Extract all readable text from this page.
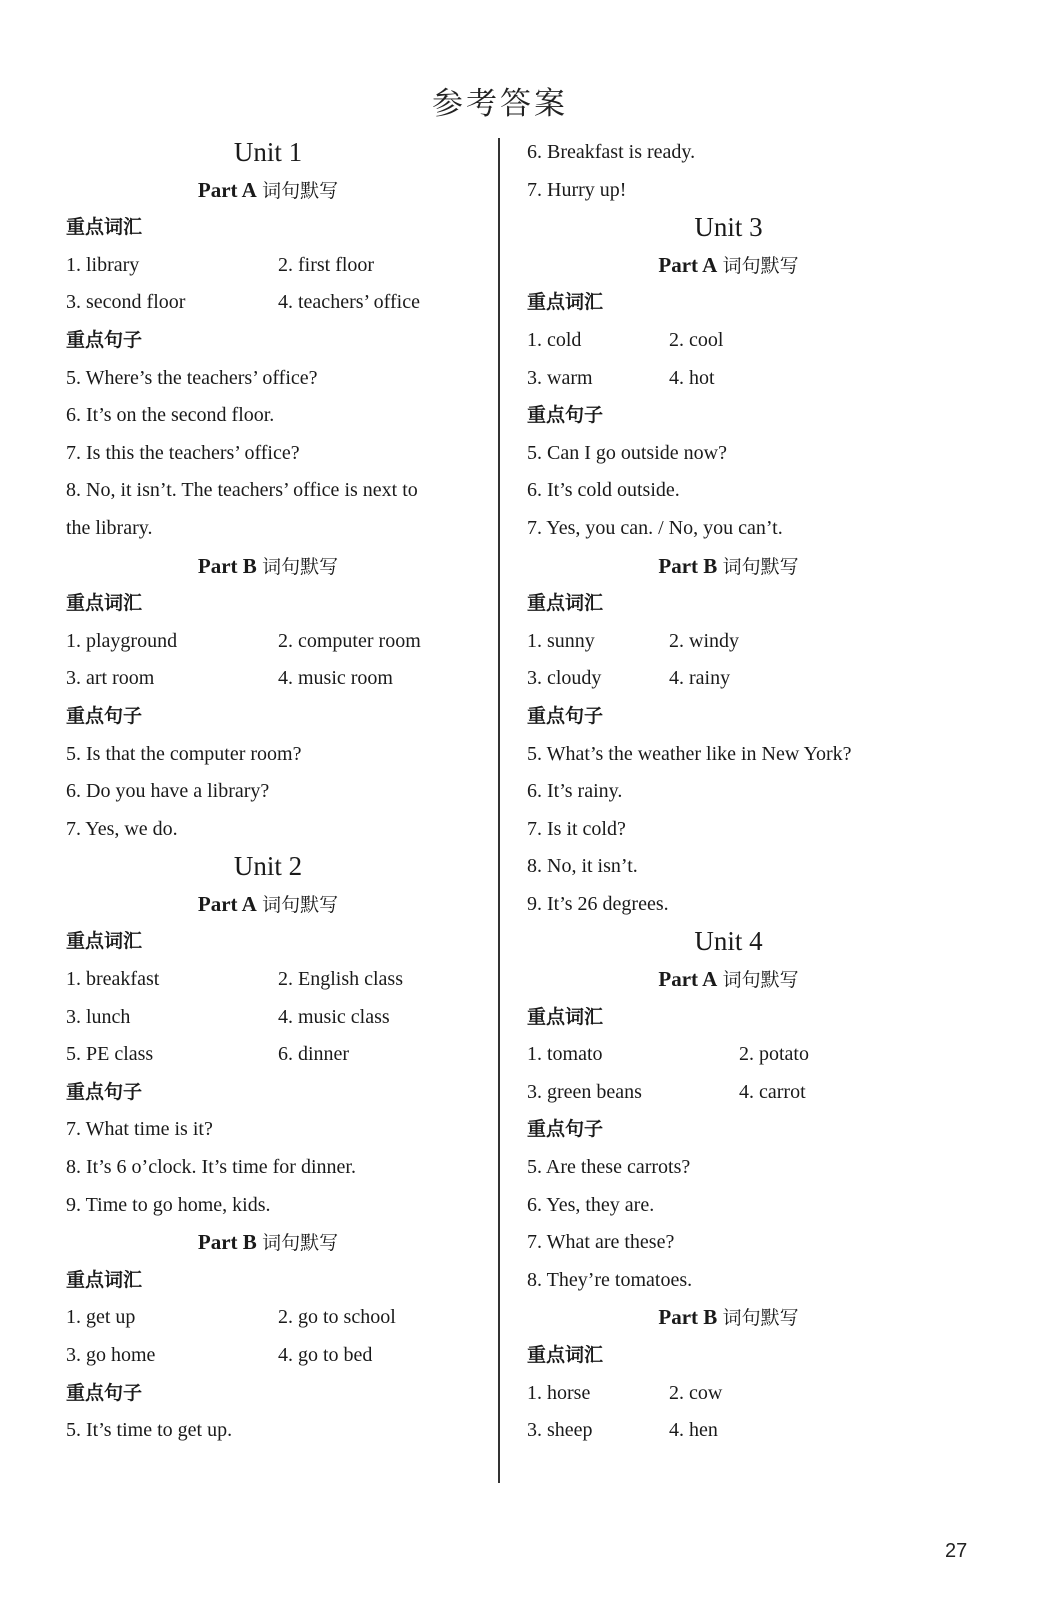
参考答案
Unit 1
Part A 词句默写
重点词汇
1. library	2. first floor
3. second floor	4. teachers’ office
重点句子
5. Where’s the teachers’ office?
6. It’s on the second floor.
7. Is this the teachers’ office?
8. No, it isn’t. The teachers’ office is next to
the library.
Part B 词句默写
重点词汇
1. playground	2. computer room
3. art room	4. music room
重点句子
5. Is that the computer room?
6. Do you have a library?
7. Yes, we do.
Unit 2
Part A 词句默写
重点词汇
1. breakfast	2. English class
3. lunch	4. music class
5. PE class	6. dinner
重点句子
7. What time is it?
8. It’s 6 o’clock. It’s time for dinner.
9. Time to go home, kids.
Part B 词句默写
重点词汇
1. get up	2. go to school
3. go home	4. go to bed
重点句子
5. It’s time to get up.
6. Breakfast is ready.
7. Hurry up!
Unit 3
Part A 词句默写
重点词汇
1. cold	2. cool
3. warm	4. hot
重点句子
5. Can I go outside now?
6. It’s cold outside.
7. Yes, you can. / No, you can’t.
Part B 词句默写
重点词汇
1. sunny	2. windy
3. cloudy	4. rainy
重点句子
5. What’s the weather like in New York?
6. It’s rainy.
7. Is it cold?
8. No, it isn’t.
9. It’s 26 degrees.
Unit 4
Part A 词句默写
重点词汇
1. tomato	2. potato
3. green beans	4. carrot
重点句子
5. Are these carrots?
6. Yes, they are.
7. What are these?
8. They’re tomatoes.
Part B 词句默写
重点词汇
1. horse	2. cow
3. sheep	4. hen
27
